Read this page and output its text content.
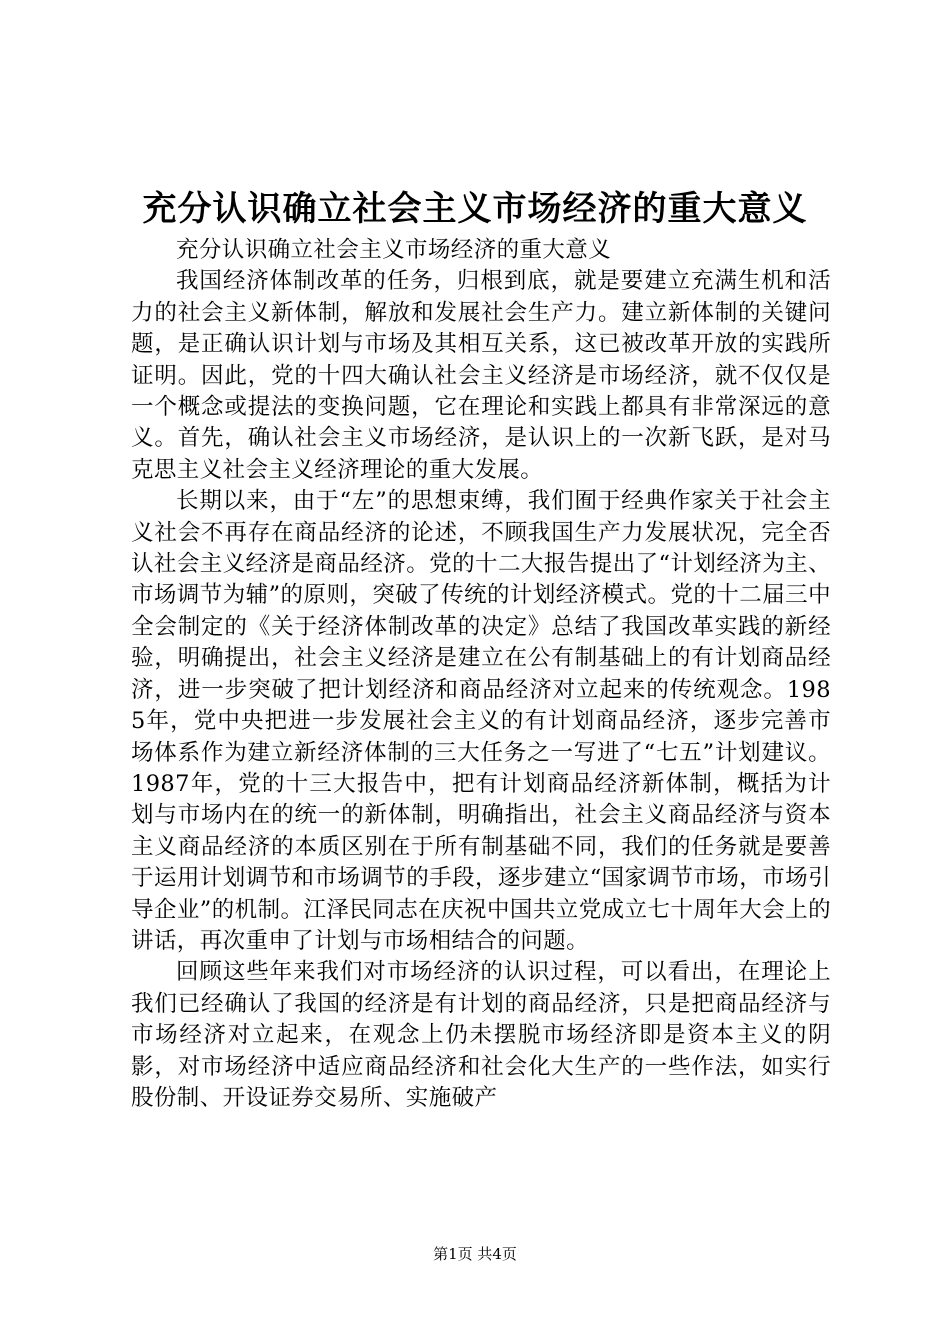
充分认识确立社会主义市场经济的重大意义

充分认识确立社会主义市场经济的重大意义

我国经济体制改革的任务，归根到底，就是要建立充满生机和活力的社会主义新体制，解放和发展社会生产力。建立新体制的关键问题，是正确认识计划与市场及其相互关系，这已被改革开放的实践所证明。因此，党的十四大确认社会主义经济是市场经济，就不仅仅是一个概念或提法的变换问题，它在理论和实践上都具有非常深远的意义。首先，确认社会主义市场经济，是认识上的一次新飞跃，是对马克思主义社会主义经济理论的重大发展。

长期以来，由于“左”的思想束缚，我们囿于经典作家关于社会主义社会不再存在商品经济的论述，不顾我国生产力发展状况，完全否认社会主义经济是商品经济。党的十二大报告提出了“计划经济为主、市场调节为辅”的原则，突破了传统的计划经济模式。党的十二届三中全会制定的《关于经济体制改革的决定》总结了我国改革实践的新经验，明确提出，社会主义经济是建立在公有制基础上的有计划商品经济，进一步突破了把计划经济和商品经济对立起来的传统观念。1985年，党中央把进一步发展社会主义的有计划商品经济，逐步完善市场体系作为建立新经济体制的三大任务之一写进了“七五”计划建议。1987年，党的十三大报告中，把有计划商品经济新体制，概括为计划与市场内在的统一的新体制，明确指出，社会主义商品经济与资本主义商品经济的本质区别在于所有制基础不同，我们的任务就是要善于运用计划调节和市场调节的手段，逐步建立“国家调节市场，市场引导企业”的机制。江泽民同志在庆祝中国共立党成立七十周年大会上的讲话，再次重申了计划与市场相结合的问题。

回顾这些年来我们对市场经济的认识过程，可以看出，在理论上我们已经确认了我国的经济是有计划的商品经济，只是把商品经济与市场经济对立起来，在观念上仍未摆脱市场经济即是资本主义的阴影，对市场经济中适应商品经济和社会化大生产的一些作法，如实行股份制、开设证券交易所、实施破产

第1页 共4页
